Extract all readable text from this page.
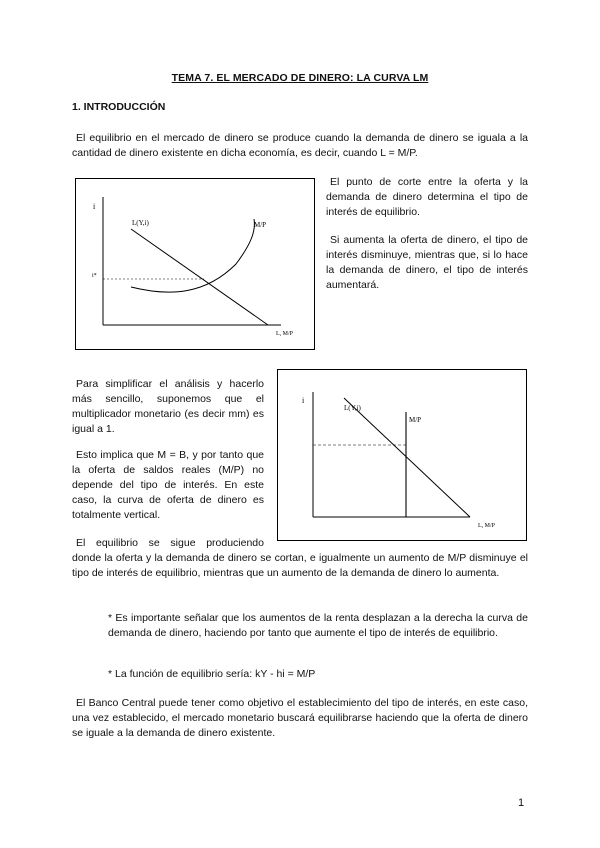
TEMA 7. EL MERCADO DE DINERO: LA CURVA LM
1. INTRODUCCIÓN
El equilibrio en el mercado de dinero se produce cuando la demanda de dinero se iguala a la cantidad de dinero existente en dicha economía, es decir, cuando L = M/P.
i
L(Y,i)	M/P
i*
L, M/P
El punto de corte entre la oferta y la demanda de dinero determina el tipo de interés de equilibrio.
Si aumenta la oferta de dinero, el tipo de interés disminuye, mientras que, si lo hace la demanda de dinero, el tipo de interés aumentará.
Para simplificar el análisis y hacerlo más sencillo, suponemos que el multiplicador monetario (es decir mm) es igual a 1.
Esto implica que M = B, y por tanto que la oferta de saldos reales (M/P) no depende del tipo de interés. En este caso, la curva de oferta de dinero es totalmente vertical.
i
L(Y,i)
M/P
L, M/P
El equilibrio se sigue produciendo
donde la oferta y la demanda de dinero se cortan, e igualmente un aumento de M/P disminuye el tipo de interés de equilibrio, mientras que un aumento de la demanda de dinero lo aumenta.
* Es importante señalar que los aumentos de la renta desplazan a la derecha la curva de demanda de dinero, haciendo por tanto que aumente el tipo de interés de equilibrio.
* La función de equilibrio sería: kY - hi = M/P
El Banco Central puede tener como objetivo el establecimiento del tipo de interés, en este caso, una vez establecido, el mercado monetario buscará equilibrarse haciendo que la oferta de dinero se iguale a la demanda de dinero existente.
1
